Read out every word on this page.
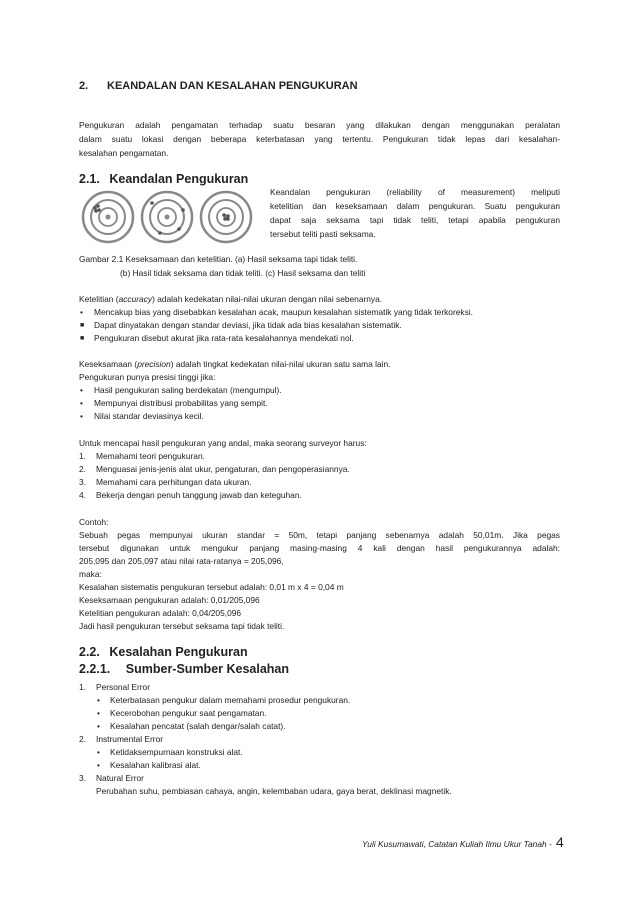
2. KEANDALAN DAN KESALAHAN PENGUKURAN
Pengukuran adalah pengamatan terhadap suatu besaran yang dilakukan dengan menggunakan peralatan
dalam suatu lokasi dengan beberapa keterbatasan yang tertentu. Pengukuran tidak lepas dari kesalahan-
kesalahan pengamatan.
2.1. Keandalan Pengukuran
Keandalan pengukuran (reliability of measurement) meliputi
ketelitian dan keseksamaan dalam pengukuran. Suatu pengukuran
dapat saja seksama tapi tidak teliti, tetapi apabila pengukuran
tersebut teliti pasti seksama.
Gambar 2.1 Keseksamaan dan ketelitian. (a) Hasil seksama tapi tidak teliti.
(b) Hasil tidak seksama dan tidak teliti. (c) Hasil seksama dan teliti
Ketelitian (accuracy) adalah kedekatan nilai-nilai ukuran dengan nilai sebenarnya.
• Mencakup bias yang disebabkan kesalahan acak, maupun kesalahan sistematik yang tidak terkoreksi.
■ Dapat dinyatakan dengan standar deviasi, jika tidak ada bias kesalahan sistematik.
■ Pengukuran disebut akurat jika rata-rata kesalahannya mendekati nol.
Keseksamaan (precision) adalah tingkat kedekatan nilai-nilai ukuran satu sama lain.
Pengukuran punya presisi tinggi jika:
• Hasil pengukuran saling berdekatan (mengumpul).
• Mempunyai distribusi probabilitas yang sempit.
• Nilai standar deviasinya kecil.
Untuk mencapai hasil pengukuran yang andal, maka seorang surveyor harus:
1. Memahami teori pengukuran.
2. Menguasai jenis-jenis alat ukur, pengaturan, dan pengoperasiannya.
3. Memahami cara perhitungan data ukuran.
4. Bekerja dengan penuh tanggung jawab dan keteguhan.
Contoh:
Sebuah pegas mempunyai ukuran standar = 50m, tetapi panjang sebenarnya adalah 50,01m. Jika pegas
tersebut digunakan untuk mengukur panjang masing-masing 4 kali dengan hasil pengukurannya adalah:
205,095 dan 205,097 atau nilai rata-ratanya = 205,096,
maka:
Kesalahan sistematis pengukuran tersebut adalah: 0,01 m x 4 = 0,04 m
Keseksamaan pengukuran adalah: 0,01/205,096
Ketelitian pengukuran adalah: 0,04/205,096
Jadi hasil pengukuran tersebut seksama tapi tidak teliti.
2.2. Kesalahan Pengukuran
2.2.1. Sumber-Sumber Kesalahan
1. Personal Error
• Keterbatasan pengukur dalam memahami prosedur pengukuran.
• Kecerobohan pengukur saat pengamatan.
• Kesalahan pencatat (salah dengar/salah catat).
2. Instrumental Error
• Ketidaksempurnaan konstruksi alat.
• Kesalahan kalibrasi alat.
3. Natural Error
Perubahan suhu, pembiasan cahaya, angin, kelembaban udara, gaya berat, deklinasi magnetik.
Yuli Kusumawati, Catatan Kuliah Ilmu Ukur Tanah - 4
